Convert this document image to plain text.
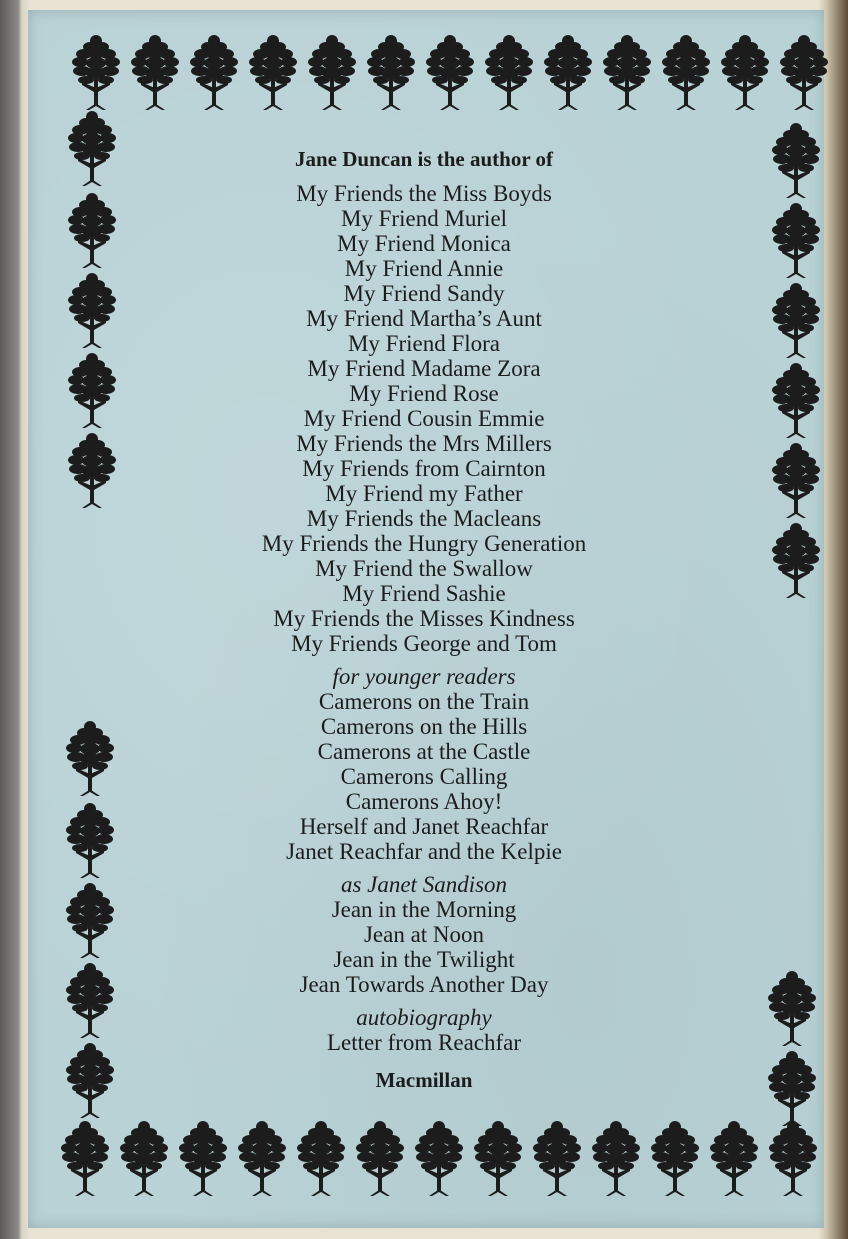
Jane Duncan is the author of
My Friends the Miss Boyds
My Friend Muriel
My Friend Monica
My Friend Annie
My Friend Sandy
My Friend Martha’s Aunt
My Friend Flora
My Friend Madame Zora
My Friend Rose
My Friend Cousin Emmie
My Friends the Mrs Millers
My Friends from Cairnton
My Friend my Father
My Friends the Macleans
My Friends the Hungry Generation
My Friend the Swallow
My Friend Sashie
My Friends the Misses Kindness
My Friends George and Tom
for younger readers
Camerons on the Train
Camerons on the Hills
Camerons at the Castle
Camerons Calling
Camerons Ahoy!
Herself and Janet Reachfar
Janet Reachfar and the Kelpie
as Janet Sandison
Jean in the Morning
Jean at Noon
Jean in the Twilight
Jean Towards Another Day
autobiography
Letter from Reachfar
Macmillan
